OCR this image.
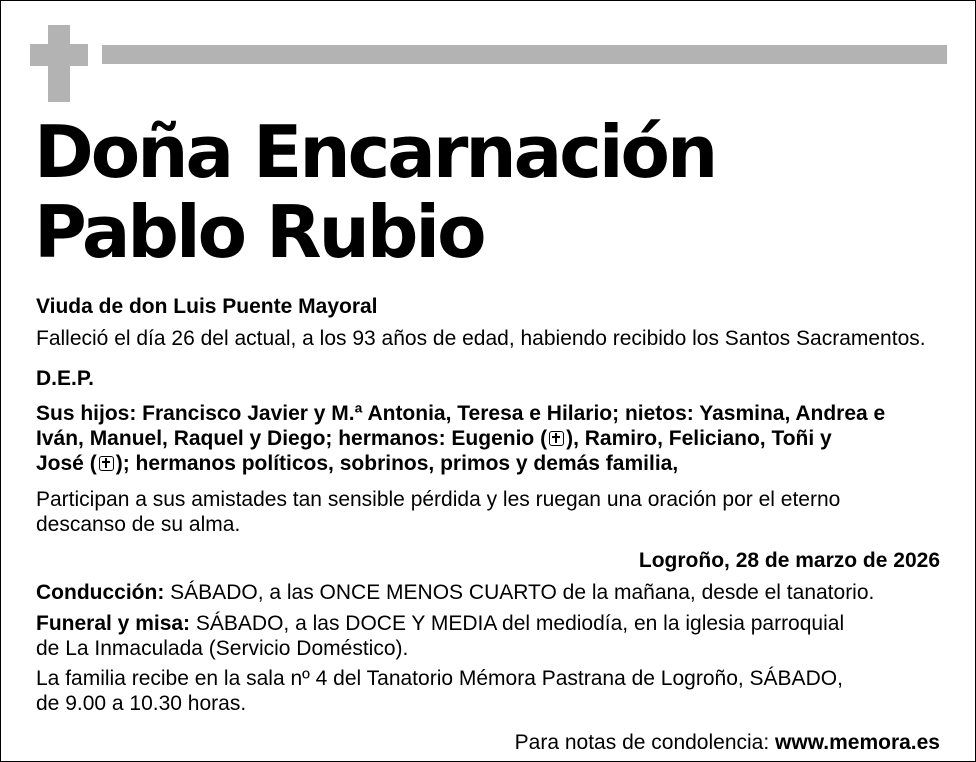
Doña Encarnación
Pablo Rubio

Viuda de don Luis Puente Mayoral

Falleció el día 26 del actual, a los 93 años de edad, habiendo recibido los Santos Sacramentos.

D.E.P.

Sus hijos: Francisco Javier y M.ª Antonia, Teresa e Hilario; nietos: Yasmina, Andrea e
Iván, Manuel, Raquel y Diego; hermanos: Eugenio ( ), Ramiro, Feliciano, Toñi y
José ( ); hermanos políticos, sobrinos, primos y demás familia,
Participan a sus amistades tan sensible pérdida y les ruegan una oración por el eterno
descanso de su alma.

Logroño, 28 de marzo de 2026

Conducción: SÁBADO, a las ONCE MENOS CUARTO de la mañana, desde el tanatorio.

Funeral y misa: SÁBADO, a las DOCE Y MEDIA del mediodía, en la iglesia parroquial
de La Inmaculada (Servicio Doméstico).
La familia recibe en la sala nº 4 del Tanatorio Mémora Pastrana de Logroño, SÁBADO,
de 9.00 a 10.30 horas.

Para notas de condolencia: www.memora.es
